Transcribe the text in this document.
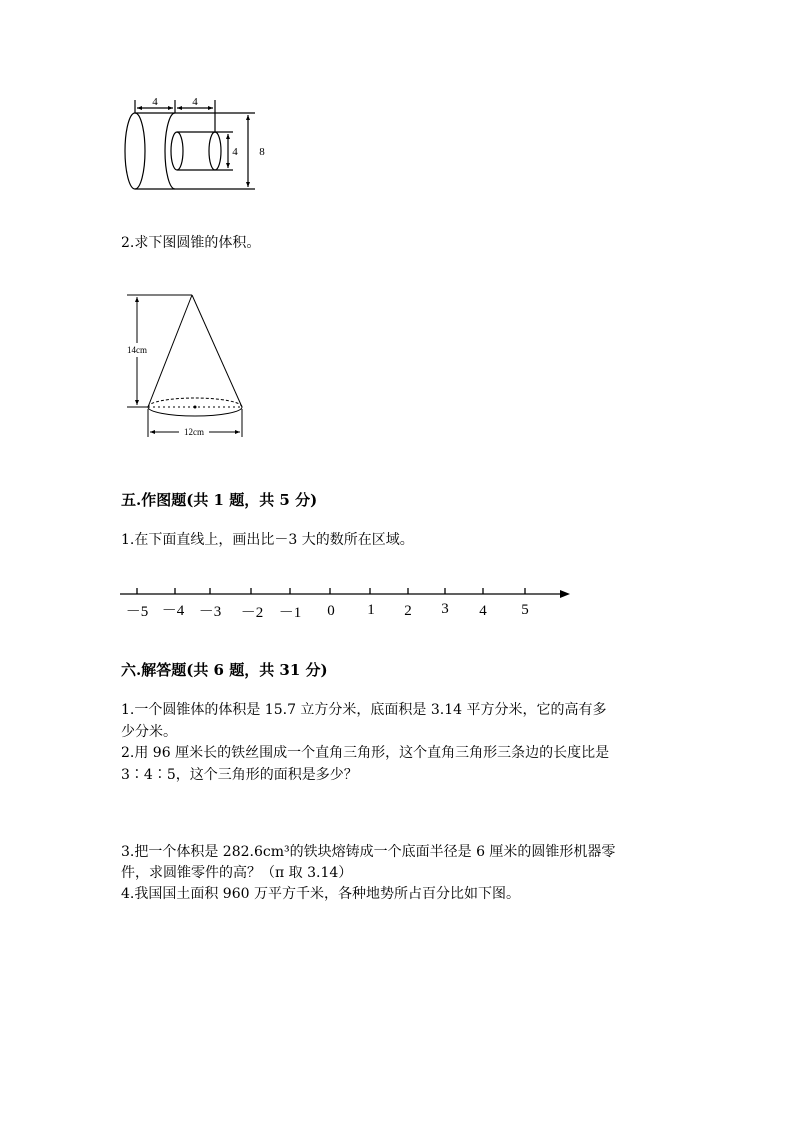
4	4
4 8
2.求下图圆锥的体积。
14cm
12cm
五.作图题(共 1 题，共 5 分)
1.在下面直线上，画出比－3 大的数所在区域。
－5 －4 －3 －2 －1 0 1 2 3 4 5
六.解答题(共 6 题，共 31 分)
1.一个圆锥体的体积是 15.7 立方分米，底面积是 3.14 平方分米，它的高有多
少分米。
2.用 96 厘米长的铁丝围成一个直角三角形，这个直角三角形三条边的长度比是
3∶4∶5，这个三角形的面积是多少？
3.把一个体积是 282.6cm³的铁块熔铸成一个底面半径是 6 厘米的圆锥形机器零
件，求圆锥零件的高？（π 取 3.14）
4.我国国土面积 960 万平方千米，各种地势所占百分比如下图。
